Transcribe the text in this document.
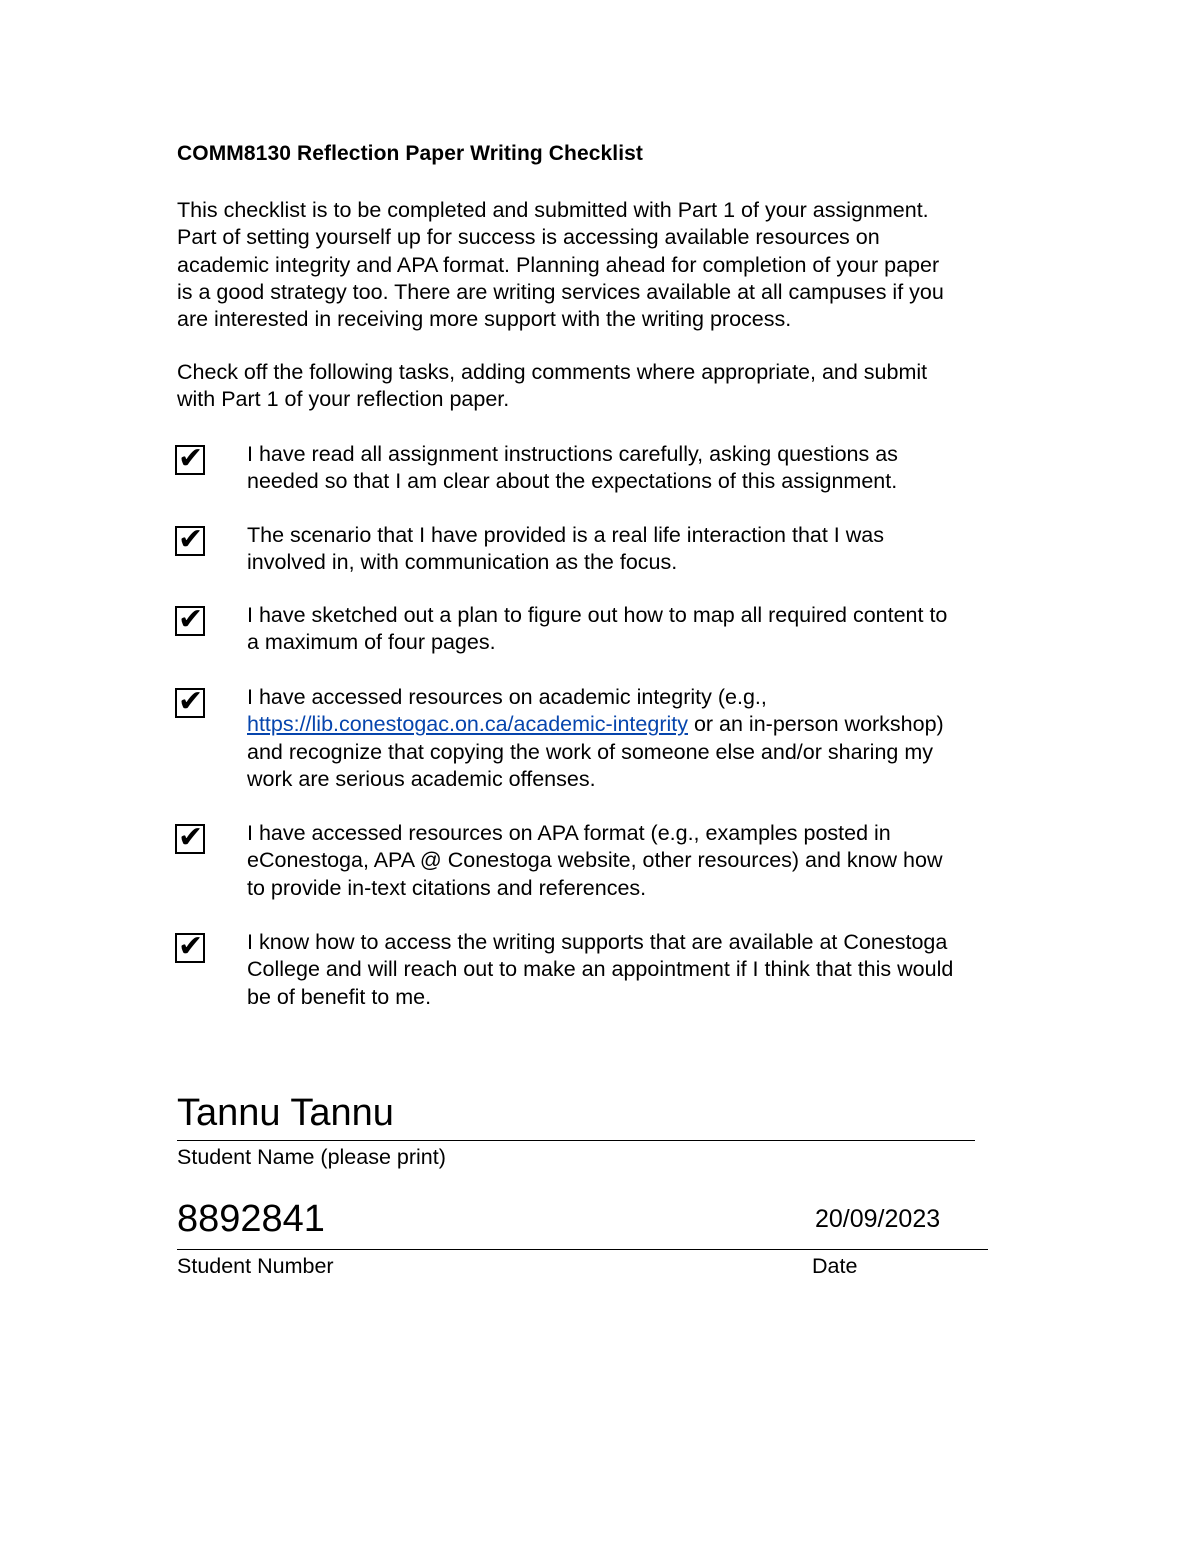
COMM8130 Reflection Paper Writing Checklist

This checklist is to be completed and submitted with Part 1 of your assignment.

Part of setting yourself up for success is accessing available resources on

academic integrity and APA format. Planning ahead for completion of your paper

is a good strategy too. There are writing services available at all campuses if you

are interested in receiving more support with the writing process.

Check off the following tasks, adding comments where appropriate, and submit

with Part 1 of your reflection paper.

✔ I have read all assignment instructions carefully, asking questions as
needed so that I am clear about the expectations of this assignment.
✔ The scenario that I have provided is a real life interaction that I was
involved in, with communication as the focus.
✔ I have sketched out a plan to figure out how to map all required content to
a maximum of four pages.
✔ I have accessed resources on academic integrity (e.g.,
https://lib.conestogac.on.ca/academic-integrity or an in-person workshop)
and recognize that copying the work of someone else and/or sharing my
work are serious academic offenses.
✔ I have accessed resources on APA format (e.g., examples posted in
eConestoga, APA @ Conestoga website, other resources) and know how
to provide in-text citations and references.
✔ I know how to access the writing supports that are available at Conestoga
College and will reach out to make an appointment if I think that this would
be of benefit to me.
Tannu Tannu
Student Name (please print)
8892841	20/09/2023
Student Number	Date
